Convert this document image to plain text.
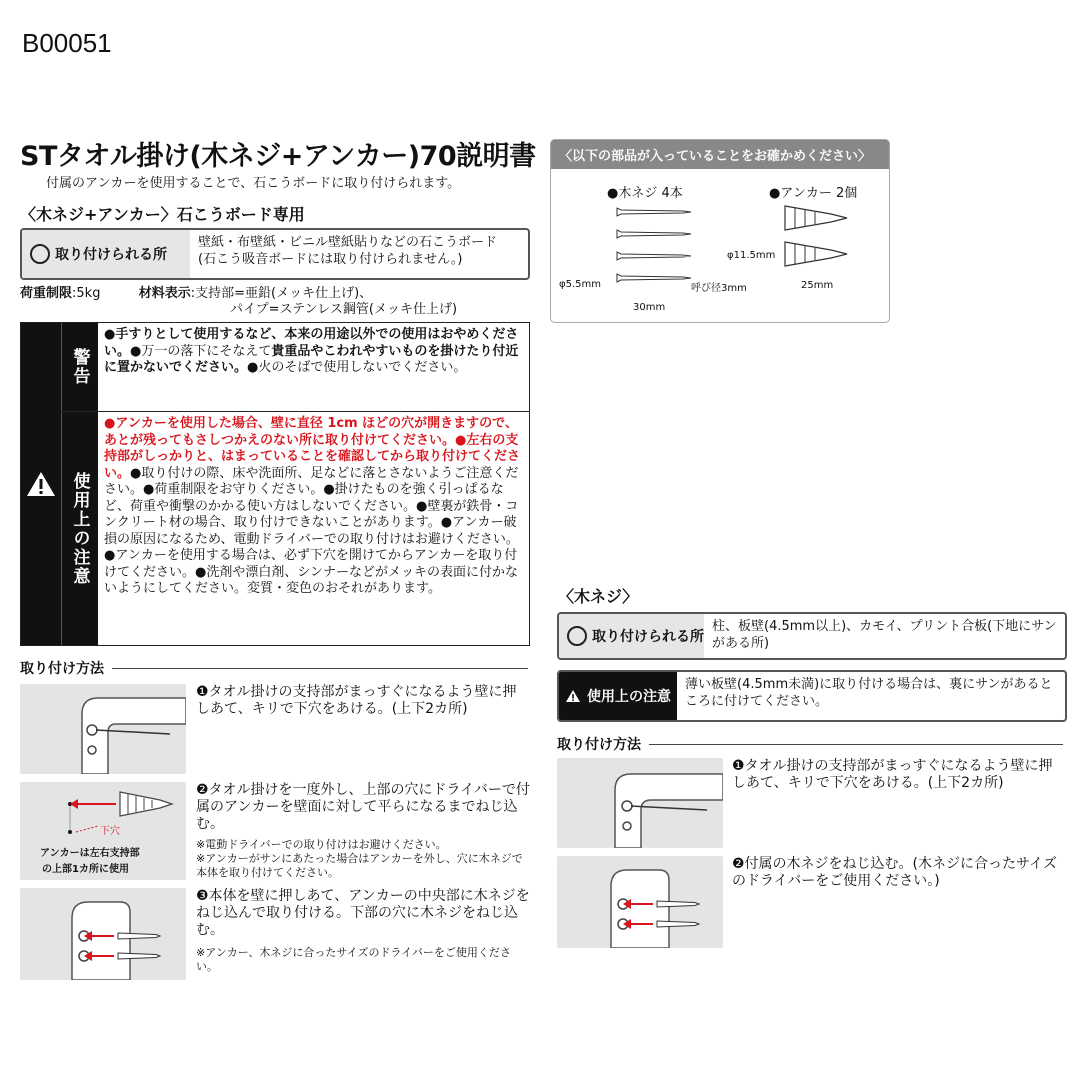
B00051
STタオル掛け(木ネジ+アンカー)70説明書
付属のアンカーを使用することで、石こうボードに取り付けられます。
〈木ネジ+アンカー〉石こうボード専用
取り付けられる所
壁紙・布壁紙・ビニル壁紙貼りなどの石こうボード
(石こう吸音ボードには取り付けられません。)
荷重制限:5kg	材料表示:支持部=亜鉛(メッキ仕上げ)、
パイプ=ステンレス鋼管(メッキ仕上げ)
警告
●手すりとして使用するなど、本来の用途以外での使用はおやめください。●万一の落下にそなえて貴重品やこわれやすいものを掛けたり付近に置かないでください。●火のそばで使用しないでください。
使用上の注意
●アンカーを使用した場合、壁に直径 1cm ほどの穴が開きますので、あとが残ってもさしつかえのない所に取り付けてください。●左右の支持部がしっかりと、はまっていることを確認してから取り付けてください。●取り付けの際、床や洗面所、足などに落とさないようご注意ください。●荷重制限をお守りください。●掛けたものを強く引っぱるなど、荷重や衝撃のかかる使い方はしないでください。●壁裏が鉄骨・コンクリート材の場合、取り付けできないことがあります。●アンカー破損の原因になるため、電動ドライバーでの取り付けはお避けください。●アンカーを使用する場合は、必ず下穴を開けてからアンカーを取り付けてください。●洗剤や漂白剤、シンナーなどがメッキの表面に付かないようにしてください。変質・変色のおそれがあります。
取り付け方法
❶タオル掛けの支持部がまっすぐになるよう壁に押しあて、キリで下穴をあける。(上下2カ所)
下穴
アンカーは左右支持部
の上部1カ所に使用
❷タオル掛けを一度外し、上部の穴にドライバーで付属のアンカーを壁面に対して平らになるまでねじ込む。
※電動ドライバーでの取り付けはお避けください。
※アンカーがサンにあたった場合はアンカーを外し、穴に木ネジで本体を取り付けてください。
❸本体を壁に押しあて、アンカーの中央部に木ネジをねじ込んで取り付ける。下部の穴に木ネジをねじ込む。
※アンカー、木ネジに合ったサイズのドライバーをご使用ください。
〈以下の部品が入っていることをお確かめください〉
●木ネジ 4本	●アンカー 2個
φ5.5mm
30mm
呼び径3mm
φ11.5mm
25mm
〈木ネジ〉
取り付けられる所
柱、板壁(4.5mm以上)、カモイ、プリント合板(下地にサンがある所)
使用上の注意
薄い板壁(4.5mm未満)に取り付ける場合は、裏にサンがあるところに付けてください。
取り付け方法
❶タオル掛けの支持部がまっすぐになるよう壁に押しあて、キリで下穴をあける。(上下2カ所)
❷付属の木ネジをねじ込む。(木ネジに合ったサイズのドライバーをご使用ください。)
